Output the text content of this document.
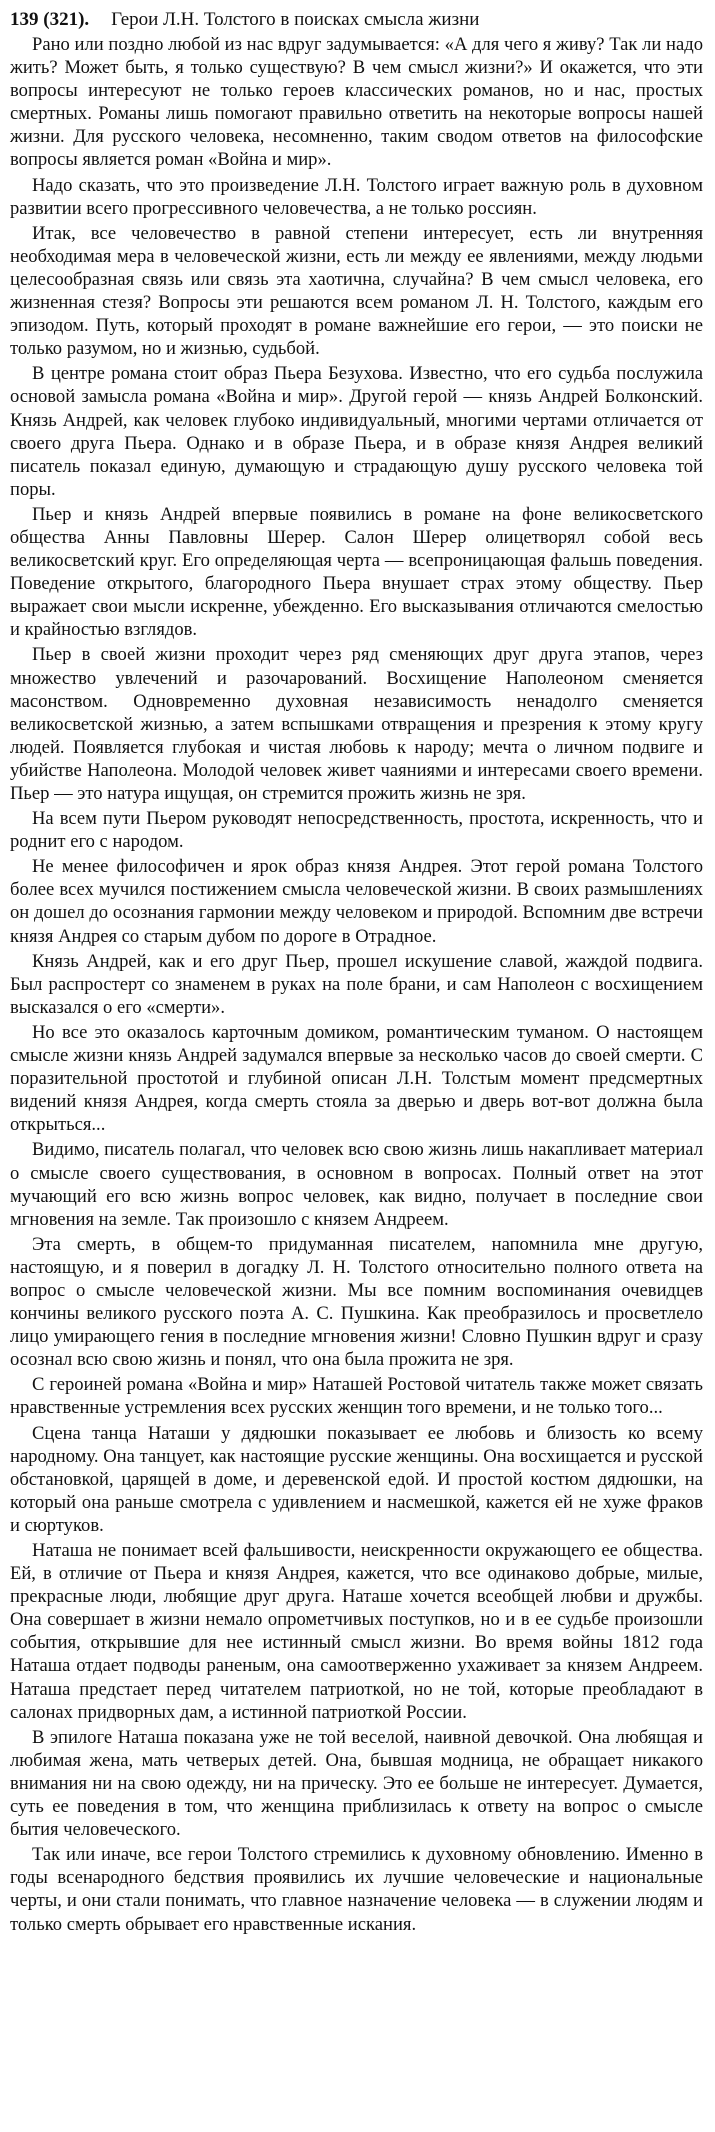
139 (321). Герои Л.Н. Толстого в поисках смысла жизни

Рано или поздно любой из нас вдруг задумывается: «А для чего я живу? Так ли надо жить? Может быть, я только существую? В чем смысл жизни?» И окажется, что эти вопросы интересуют не только героев классических романов, но и нас, простых смертных. Романы лишь помогают правильно ответить на некоторые вопросы нашей жизни. Для русского человека, несомненно, таким сводом ответов на философские вопросы является роман «Война и мир».

Надо сказать, что это произведение Л.Н. Толстого играет важную роль в духовном развитии всего прогрессивного человечества, а не только россиян.

Итак, все человечество в равной степени интересует, есть ли внутренняя необходимая мера в человеческой жизни, есть ли между ее явлениями, между людьми целесообразная связь или связь эта хаотична, случайна? В чем смысл человека, его жизненная стезя? Вопросы эти решаются всем романом Л. Н. Толстого, каждым его эпизодом. Путь, который проходят в романе важнейшие его герои, — это поиски не только разумом, но и жизнью, судьбой.

В центре романа стоит образ Пьера Безухова. Известно, что его судьба послужила основой замысла романа «Война и мир». Другой герой — князь Андрей Болконский. Князь Андрей, как человек глубоко индивидуальный, многими чертами отличается от своего друга Пьера. Однако и в образе Пьера, и в образе князя Андрея великий писатель показал единую, думающую и страдающую душу русского человека той поры.

Пьер и князь Андрей впервые появились в романе на фоне великосветского общества Анны Павловны Шерер. Салон Шерер олицетворял собой весь великосветский круг. Его определяющая черта — всепроницающая фальшь поведения. Поведение открытого, благородного Пьера внушает страх этому обществу. Пьер выражает свои мысли искренне, убежденно. Его высказывания отличаются смелостью и крайностью взглядов.

Пьер в своей жизни проходит через ряд сменяющих друг друга этапов, через множество увлечений и разочарований. Восхищение Наполеоном сменяется масонством. Одновременно духовная независимость ненадолго сменяется великосветской жизнью, а затем вспышками отвращения и презрения к этому кругу людей. Появляется глубокая и чистая любовь к народу; мечта о личном подвиге и убийстве Наполеона. Молодой человек живет чаяниями и интересами своего времени. Пьер — это натура ищущая, он стремится прожить жизнь не зря.

На всем пути Пьером руководят непосредственность, простота, искренность, что и роднит его с народом.

Не менее философичен и ярок образ князя Андрея. Этот герой романа Толстого более всех мучился постижением смысла человеческой жизни. В своих размышлениях он дошел до осознания гармонии между человеком и природой. Вспомним две встречи князя Андрея со старым дубом по дороге в Отрадное.

Князь Андрей, как и его друг Пьер, прошел искушение славой, жаждой подвига. Был распростерт со знаменем в руках на поле брани, и сам Наполеон с восхищением высказался о его «смерти».

Но все это оказалось карточным домиком, романтическим туманом. О настоящем смысле жизни князь Андрей задумался впервые за несколько часов до своей смерти. С поразительной простотой и глубиной описан Л.Н. Толстым момент предсмертных видений князя Андрея, когда смерть стояла за дверью и дверь вот-вот должна была открыться...

Видимо, писатель полагал, что человек всю свою жизнь лишь накапливает материал о смысле своего существования, в основном в вопросах. Полный ответ на этот мучающий его всю жизнь вопрос человек, как видно, получает в последние свои мгновения на земле. Так произошло с князем Андреем.

Эта смерть, в общем-то придуманная писателем, напомнила мне другую, настоящую, и я поверил в догадку Л. Н. Толстого относительно полного ответа на вопрос о смысле человеческой жизни. Мы все помним воспоминания очевидцев кончины великого русского поэта А. С. Пушкина. Как преобразилось и просветлело лицо умирающего гения в последние мгновения жизни! Словно Пушкин вдруг и сразу осознал всю свою жизнь и понял, что она была прожита не зря.

С героиней романа «Война и мир» Наташей Ростовой читатель также может связать нравственные устремления всех русских женщин того времени, и не только того...

Сцена танца Наташи у дядюшки показывает ее любовь и близость ко всему народному. Она танцует, как настоящие русские женщины. Она восхищается и русской обстановкой, царящей в доме, и деревенской едой. И простой костюм дядюшки, на который она раньше смотрела с удивлением и насмешкой, кажется ей не хуже фраков и сюртуков.

Наташа не понимает всей фальшивости, неискренности окружающего ее общества. Ей, в отличие от Пьера и князя Андрея, кажется, что все одинаково добрые, милые, прекрасные люди, любящие друг друга. Наташе хочется всеобщей любви и дружбы. Она совершает в жизни немало опрометчивых поступков, но и в ее судьбе произошли события, открывшие для нее истинный смысл жизни. Во время войны 1812 года Наташа отдает подводы раненым, она самоотверженно ухаживает за князем Андреем. Наташа предстает перед читателем патриоткой, но не той, которые преобладают в салонах придворных дам, а истинной патриоткой России.

В эпилоге Наташа показана уже не той веселой, наивной девочкой. Она любящая и любимая жена, мать четверых детей. Она, бывшая модница, не обращает никакого внимания ни на свою одежду, ни на прическу. Это ее больше не интересует. Думается, суть ее поведения в том, что женщина приблизилась к ответу на вопрос о смысле бытия человеческого.

Так или иначе, все герои Толстого стремились к духовному обновлению. Именно в годы всенародного бедствия проявились их лучшие человеческие и национальные черты, и они стали понимать, что главное назначение человека — в служении людям и только смерть обрывает его нравственные искания.
